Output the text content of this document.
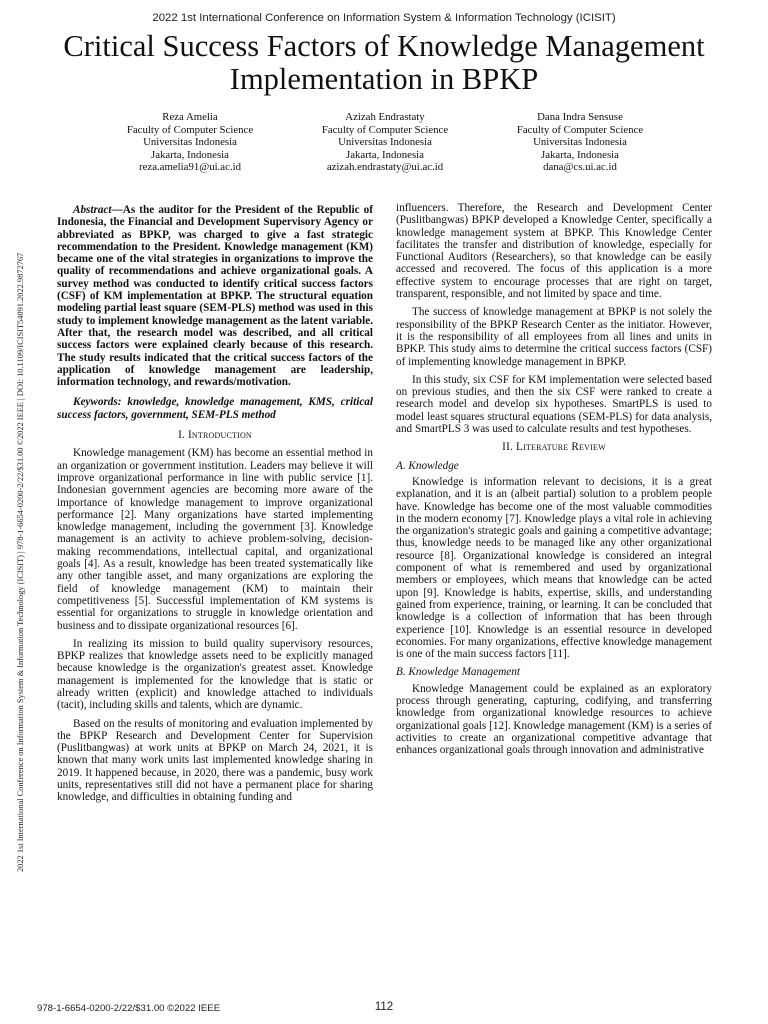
2022 1st International Conference on Information System & Information Technology (ICISIT)
Critical Success Factors of Knowledge Management Implementation in BPKP
Reza Amelia
Faculty of Computer Science
Universitas Indonesia
Jakarta, Indonesia
reza.amelia91@ui.ac.id
Azizah Endrastaty
Faculty of Computer Science
Universitas Indonesia
Jakarta, Indonesia
azizah.endrastaty@ui.ac.id
Dana Indra Sensuse
Faculty of Computer Science
Universitas Indonesia
Jakarta, Indonesia
dana@cs.ui.ac.id
2022 1st International Conference on Information System & Information Technology (ICISIT) | 978-1-6654-0200-2/22/$31.00 ©2022 IEEE | DOI: 10.1109/ICISIT54091.2022.9872767

Abstract—As the auditor for the President of the Republic of Indonesia, the Financial and Development Supervisory Agency or abbreviated as BPKP, was charged to give a fast strategic recommendation to the President. Knowledge management (KM) became one of the vital strategies in organizations to improve the quality of recommendations and achieve organizational goals. A survey method was conducted to identify critical success factors (CSF) of KM implementation at BPKP. The structural equation modeling partial least square (SEM-PLS) method was used in this study to implement knowledge management as the latent variable. After that, the research model was described, and all critical success factors were explained clearly because of this research. The study results indicated that the critical success factors of the application of knowledge management are leadership, information technology, and rewards/motivation.

Keywords: knowledge, knowledge management, KMS, critical success factors, government, SEM-PLS method

I. Introduction

Knowledge management (KM) has become an essential method in an organization or government institution. Leaders may believe it will improve organizational performance in line with public service [1]. Indonesian government agencies are becoming more aware of the importance of knowledge management to improve organizational performance [2]. Many organizations have started implementing knowledge management, including the government [3]. Knowledge management is an activity to achieve problem-solving, decision-making recommendations, intellectual capital, and organizational goals [4]. As a result, knowledge has been treated systematically like any other tangible asset, and many organizations are exploring the field of knowledge management (KM) to maintain their competitiveness [5]. Successful implementation of KM systems is essential for organizations to struggle in knowledge orientation and business and to dissipate organizational resources [6].

In realizing its mission to build quality supervisory resources, BPKP realizes that knowledge assets need to be explicitly managed because knowledge is the organization's greatest asset. Knowledge management is implemented for the knowledge that is static or already written (explicit) and knowledge attached to individuals (tacit), including skills and talents, which are dynamic.

Based on the results of monitoring and evaluation implemented by the BPKP Research and Development Center for Supervision (Puslitbangwas) at work units at BPKP on March 24, 2021, it is known that many work units last implemented knowledge sharing in 2019. It happened because, in 2020, there was a pandemic, busy work units, representatives still did not have a permanent place for sharing knowledge, and difficulties in obtaining funding and

influencers. Therefore, the Research and Development Center (Puslitbangwas) BPKP developed a Knowledge Center, specifically a knowledge management system at BPKP. This Knowledge Center facilitates the transfer and distribution of knowledge, especially for Functional Auditors (Researchers), so that knowledge can be easily accessed and recovered. The focus of this application is a more effective system to encourage processes that are right on target, transparent, responsible, and not limited by space and time.

The success of knowledge management at BPKP is not solely the responsibility of the BPKP Research Center as the initiator. However, it is the responsibility of all employees from all lines and units in BPKP. This study aims to determine the critical success factors (CSF) of implementing knowledge management in BPKP.

In this study, six CSF for KM implementation were selected based on previous studies, and then the six CSF were ranked to create a research model and develop six hypotheses. SmartPLS is used to model least squares structural equations (SEM-PLS) for data analysis, and SmartPLS 3 was used to calculate results and test hypotheses.

II. Literature Review
A. Knowledge

Knowledge is information relevant to decisions, it is a great explanation, and it is an (albeit partial) solution to a problem people have. Knowledge has become one of the most valuable commodities in the modern economy [7]. Knowledge plays a vital role in achieving the organization's strategic goals and gaining a competitive advantage; thus, knowledge needs to be managed like any other organizational resource [8]. Organizational knowledge is considered an integral component of what is remembered and used by organizational members or employees, which means that knowledge can be acted upon [9]. Knowledge is habits, expertise, skills, and understanding gained from experience, training, or learning. It can be concluded that knowledge is a collection of information that has been through experience [10]. Knowledge is an essential resource in developed economies. For many organizations, effective knowledge management is one of the main success factors [11].

B. Knowledge Management

Knowledge Management could be explained as an exploratory process through generating, capturing, codifying, and transferring knowledge from organizational knowledge resources to achieve organizational goals [12]. Knowledge management (KM) is a series of activities to create an organizational competitive advantage that enhances organizational goals through innovation and administrative

978-1-6654-0200-2/22/$31.00 ©2022 IEEE	112
